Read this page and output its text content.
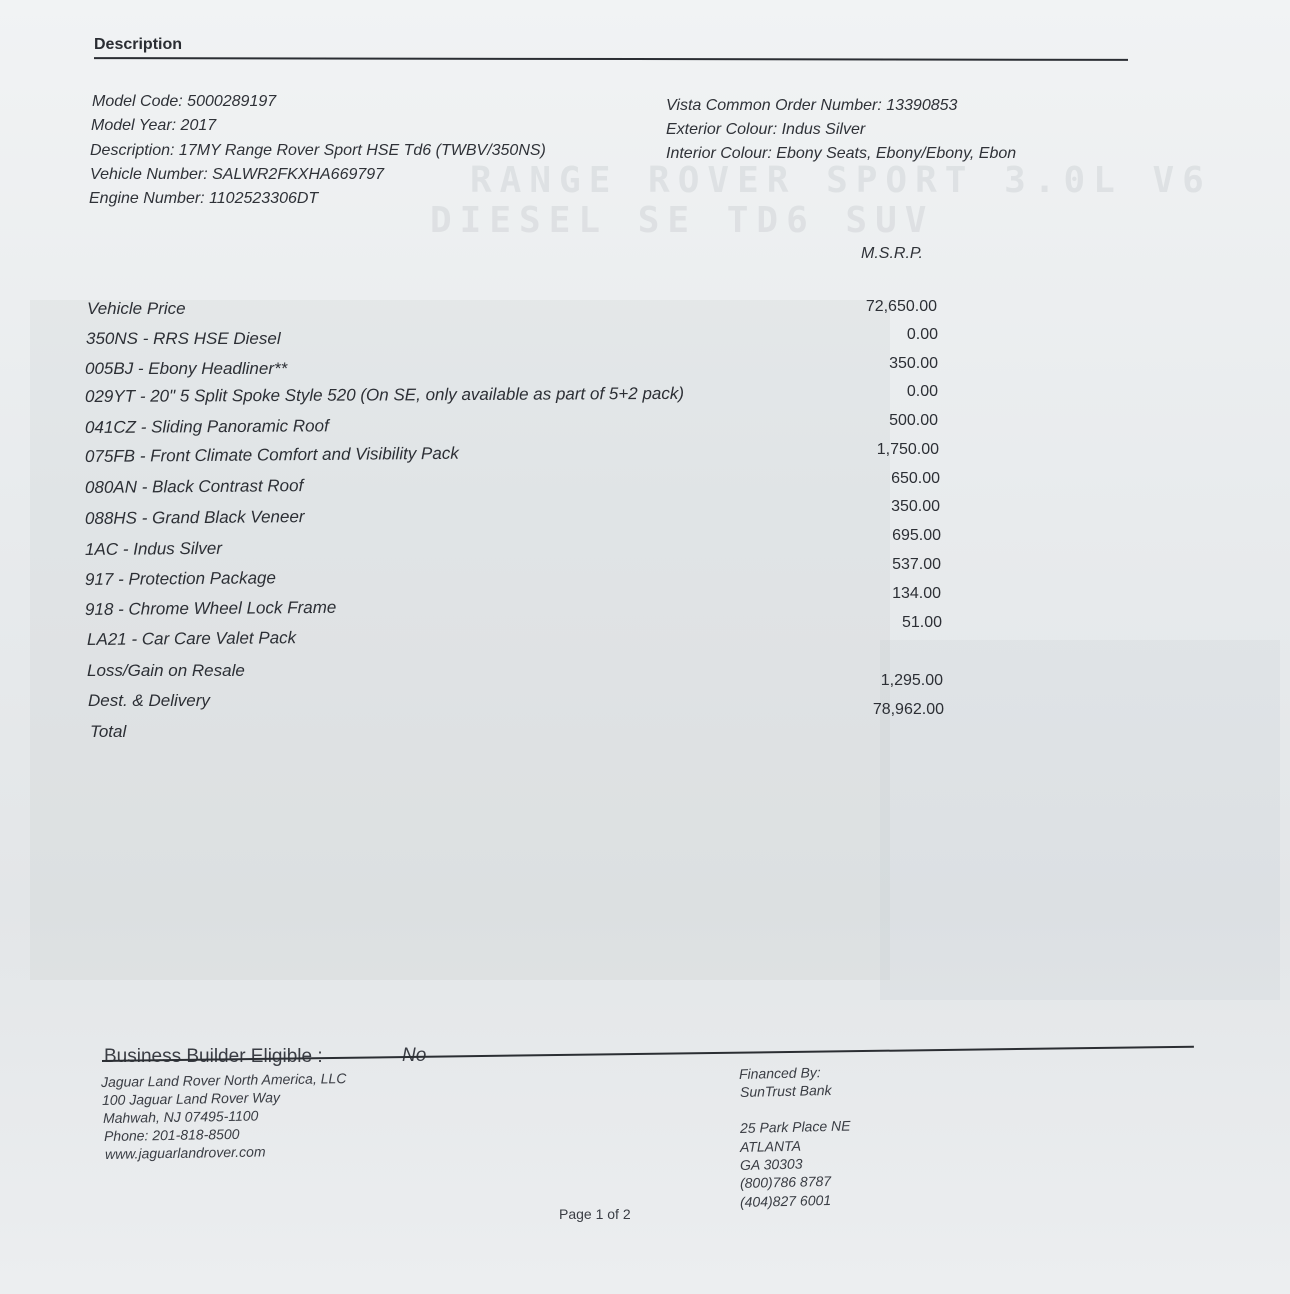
RANGE ROVER SPORT 3.0L V6
DIESEL SE TD6 SUV
Description
Model Code: 5000289197
Model Year: 2017
Description: 17MY Range Rover Sport HSE Td6 (TWBV/350NS)
Vehicle Number: SALWR2FKXHA669797
Engine Number: 1102523306DT
Vista Common Order Number: 13390853
Exterior Colour: Indus Silver
Interior Colour: Ebony Seats, Ebony/Ebony, Ebon
M.S.R.P.
Vehicle Price
350NS - RRS HSE Diesel
005BJ - Ebony Headliner**
029YT - 20" 5 Split Spoke Style 520 (On SE, only available as part of 5+2 pack)
041CZ - Sliding Panoramic Roof
075FB - Front Climate Comfort and Visibility Pack
080AN - Black Contrast Roof
088HS - Grand Black Veneer
1AC - Indus Silver
917 - Protection Package
918 - Chrome Wheel Lock Frame
LA21 - Car Care Valet Pack
Loss/Gain on Resale
Dest. & Delivery
Total
72,650.00
0.00
350.00
0.00
500.00
1,750.00
650.00
350.00
695.00
537.00
134.00
51.00
1,295.00
78,962.00
Business Builder Eligible :
Jaguar Land Rover North America, LLC
100 Jaguar Land Rover Way
Mahwah, NJ 07495-1100
Phone: 201-818-8500
www.jaguarlandrover.com
Financed By:
SunTrust Bank
25 Park Place NE
ATLANTA
GA 30303
(800)786 8787
(404)827 6001
Page 1 of 2
